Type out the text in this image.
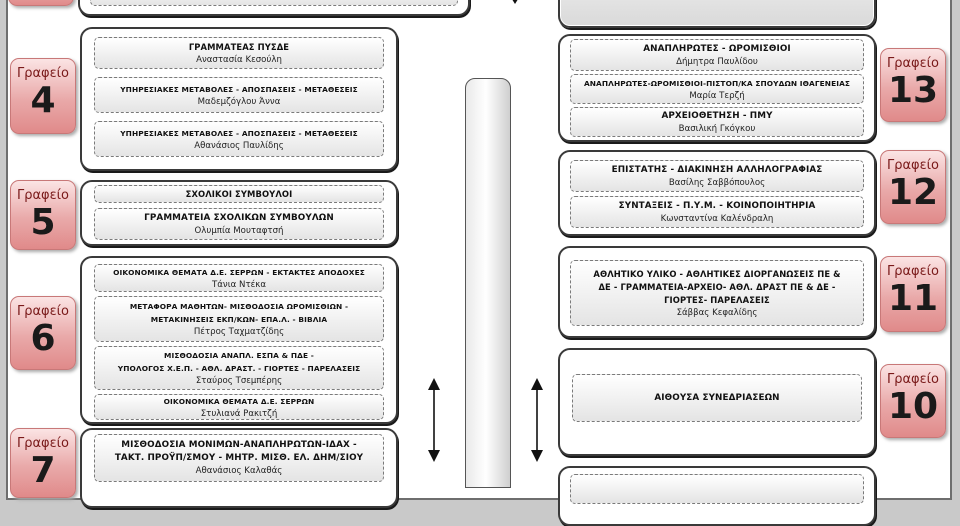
Γραφείο
4
ΓΡΑΜΜΑΤΕΑΣ ΠΥΣΔΕ
Αναστασία Κεσούλη
ΥΠΗΡΕΣΙΑΚΕΣ ΜΕΤΑΒΟΛΕΣ - ΑΠΟΣΠΑΣΕΙΣ - ΜΕΤΑΘΕΣΕΙΣ
Μαδεμζόγλου Άννα
ΥΠΗΡΕΣΙΑΚΕΣ ΜΕΤΑΒΟΛΕΣ - ΑΠΟΣΠΑΣΕΙΣ - ΜΕΤΑΘΕΣΕΙΣ
Αθανάσιος Παυλίδης
Γραφείο
5
ΣΧΟΛΙΚΟΙ ΣΥΜΒΟΥΛΟΙ
ΓΡΑΜΜΑΤΕΙΑ ΣΧΟΛΙΚΩΝ ΣΥΜΒΟΥΛΩΝ
Ολυμπία Μουταφτσή
Γραφείο
6
ΟΙΚΟΝΟΜΙΚΑ ΘΕΜΑΤΑ Δ.Ε. ΣΕΡΡΩΝ - ΕΚΤΑΚΤΕΣ ΑΠΟΔΟΧΕΣ
Τάνια Ντέκα
ΜΕΤΑΦΟΡΑ ΜΑΘΗΤΩΝ- ΜΙΣΘΟΔΟΣΙΑ ΩΡΟΜΙΣΘΙΩΝ -
ΜΕΤΑΚΙΝΗΣΕΙΣ ΕΚΠ/ΚΩΝ- ΕΠΑ.Λ. - ΒΙΒΛΙΑ
Πέτρος Ταχματζίδης
ΜΙΣΘΟΔΟΣΙΑ ΑΝΑΠΛ. ΕΣΠΑ & ΠΔΕ -
ΥΠΟΛΟΓΟΣ Χ.Ε.Π. - ΑΘΛ. ΔΡΑΣΤ. - ΓΙΟΡΤΕΣ - ΠΑΡΕΛΑΣΕΙΣ
Σταύρος Τσεμπέρης
ΟΙΚΟΝΟΜΙΚΑ ΘΕΜΑΤΑ Δ.Ε. ΣΕΡΡΩΝ
Στυλιανά Ρακιτζή
Γραφείο
7
ΜΙΣΘΟΔΟΣΙΑ ΜΟΝΙΜΩΝ-ΑΝΑΠΛΗΡΩΤΩΝ-ΙΔΑΧ -
ΤΑΚΤ. ΠΡΟΫΠ/ΣΜΟΥ - ΜΗΤΡ. ΜΙΣΘ. ΕΛ. ΔΗΜ/ΣΙΟΥ
Αθανάσιος Καλαθάς
ΑΝΑΠΛΗΡΩΤΕΣ - ΩΡΟΜΙΣΘΙΟΙ
Δήμητρα Παυλίδου
ΑΝΑΠΛΗΡΩΤΕΣ-ΩΡΟΜΙΣΘΙΟΙ-ΠΙΣΤΟΠ/ΚΑ ΣΠΟΥΔΩΝ ΙΘΑΓΕΝΕΙΑΣ
Μαρία Τερζή
ΑΡΧΕΙΟΘΕΤΗΣΗ - ΠΜΥ
Βασιλική Γκόγκου
Γραφείο
13
ΕΠΙΣΤΑΤΗΣ - ΔΙΑΚΙΝΗΣΗ ΑΛΛΗΛΟΓΡΑΦΙΑΣ
Βασίλης Σαββόπουλος
ΣΥΝΤΑΞΕΙΣ - Π.Υ.Μ. - ΚΟΙΝΟΠΟΙΗΤΗΡΙΑ
Κωνσταντίνα Καλένδραλη
Γραφείο
12
ΑΘΛΗΤΙΚΟ ΥΛΙΚΟ - ΑΘΛΗΤΙΚΕΣ ΔΙΟΡΓΑΝΩΣΕΙΣ ΠΕ &
ΔΕ - ΓΡΑΜΜΑΤΕΙΑ-ΑΡΧΕΙΟ- ΑΘΛ. ΔΡΑΣΤ ΠΕ & ΔΕ -
ΓΙΟΡΤΕΣ- ΠΑΡΕΛΑΣΕΙΣ
Σάββας Κεφαλίδης
Γραφείο
11
ΑΙΘΟΥΣΑ ΣΥΝΕΔΡΙΑΣΕΩΝ
Γραφείο
10
